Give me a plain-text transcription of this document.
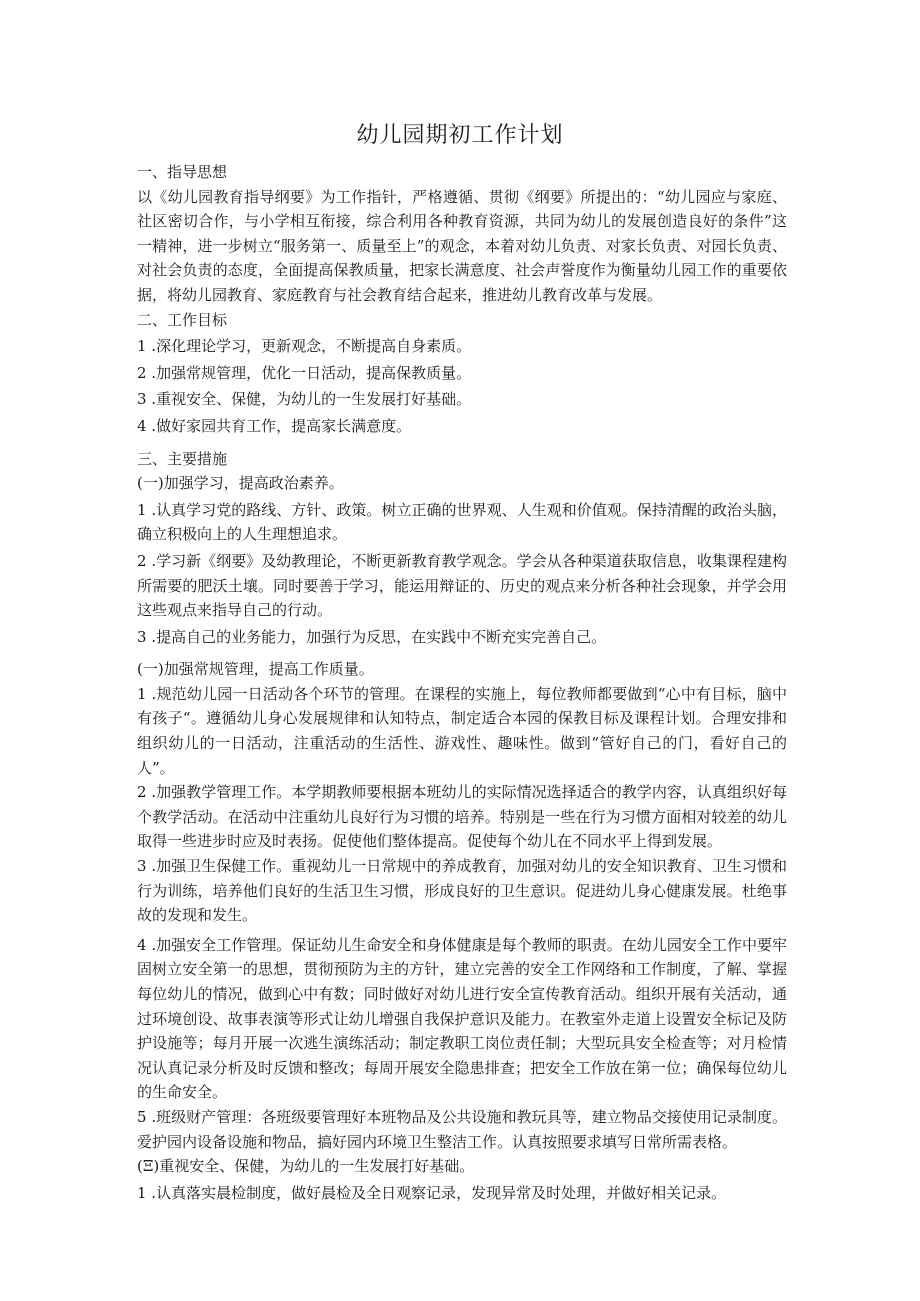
幼儿园期初工作计划

一、指导思想

以《幼儿园教育指导纲要》为工作指针，严格遵循、贯彻《纲要》所提出的：“幼儿园应与家庭、社区密切合作，与小学相互衔接，综合利用各种教育资源，共同为幼儿的发展创造良好的条件”这一精神，进一步树立“服务第一、质量至上”的观念，本着对幼儿负责、对家长负责、对园长负责、对社会负责的态度，全面提高保教质量，把家长满意度、社会声誉度作为衡量幼儿园工作的重要依据，将幼儿园教育、家庭教育与社会教育结合起来，推进幼儿教育改革与发展。

二、工作目标

1 .深化理论学习，更新观念，不断提高自身素质。

2 .加强常规管理，优化一日活动，提高保教质量。

3 .重视安全、保健，为幼儿的一生发展打好基础。

4 .做好家园共育工作，提高家长满意度。

三、主要措施

(一)加强学习，提高政治素养。

1 .认真学习党的路线、方针、政策。树立正确的世界观、人生观和价值观。保持清醒的政治头脑，确立积极向上的人生理想追求。

2 .学习新《纲要》及幼教理论，不断更新教育教学观念。学会从各种渠道获取信息，收集课程建构所需要的肥沃土壤。同时要善于学习，能运用辩证的、历史的观点来分析各种社会现象，并学会用这些观点来指导自己的行动。

3 .提高自己的业务能力，加强行为反思，在实践中不断充实完善自己。

(一)加强常规管理，提高工作质量。

1 .规范幼儿园一日活动各个环节的管理。在课程的实施上，每位教师都要做到“心中有目标，脑中有孩子“。遵循幼儿身心发展规律和认知特点，制定适合本园的保教目标及课程计划。合理安排和组织幼儿的一日活动，注重活动的生活性、游戏性、趣味性。做到“管好自己的门，看好自己的人”。

2 .加强教学管理工作。本学期教师要根据本班幼儿的实际情况选择适合的教学内容，认真组织好每个教学活动。在活动中注重幼儿良好行为习惯的培养。特别是一些在行为习惯方面相对较差的幼儿取得一些进步时应及时表扬。促使他们整体提高。促使每个幼儿在不同水平上得到发展。

3 .加强卫生保健工作。重视幼儿一日常规中的养成教育，加强对幼儿的安全知识教育、卫生习惯和行为训练，培养他们良好的生活卫生习惯，形成良好的卫生意识。促进幼儿身心健康发展。杜绝事故的发现和发生。

4 .加强安全工作管理。保证幼儿生命安全和身体健康是每个教师的职责。在幼儿园安全工作中要牢固树立安全第一的思想，贯彻预防为主的方针，建立完善的安全工作网络和工作制度，了解、掌握每位幼儿的情况，做到心中有数；同时做好对幼儿进行安全宣传教育活动。组织开展有关活动，通过环境创设、故事表演等形式让幼儿增强自我保护意识及能力。在教室外走道上设置安全标记及防护设施等；每月开展一次逃生演练活动；制定教职工岗位责任制；大型玩具安全检查等；对月检情况认真记录分析及时反馈和整改；每周开展安全隐患排查；把安全工作放在第一位；确保每位幼儿的生命安全。

5 .班级财产管理：各班级要管理好本班物品及公共设施和教玩具等，建立物品交接使用记录制度。爱护园内设备设施和物品，搞好园内环境卫生整洁工作。认真按照要求填写日常所需表格。

(Ξ)重视安全、保健，为幼儿的一生发展打好基础。

1 .认真落实晨检制度，做好晨检及全日观察记录，发现异常及时处理，并做好相关记录。
